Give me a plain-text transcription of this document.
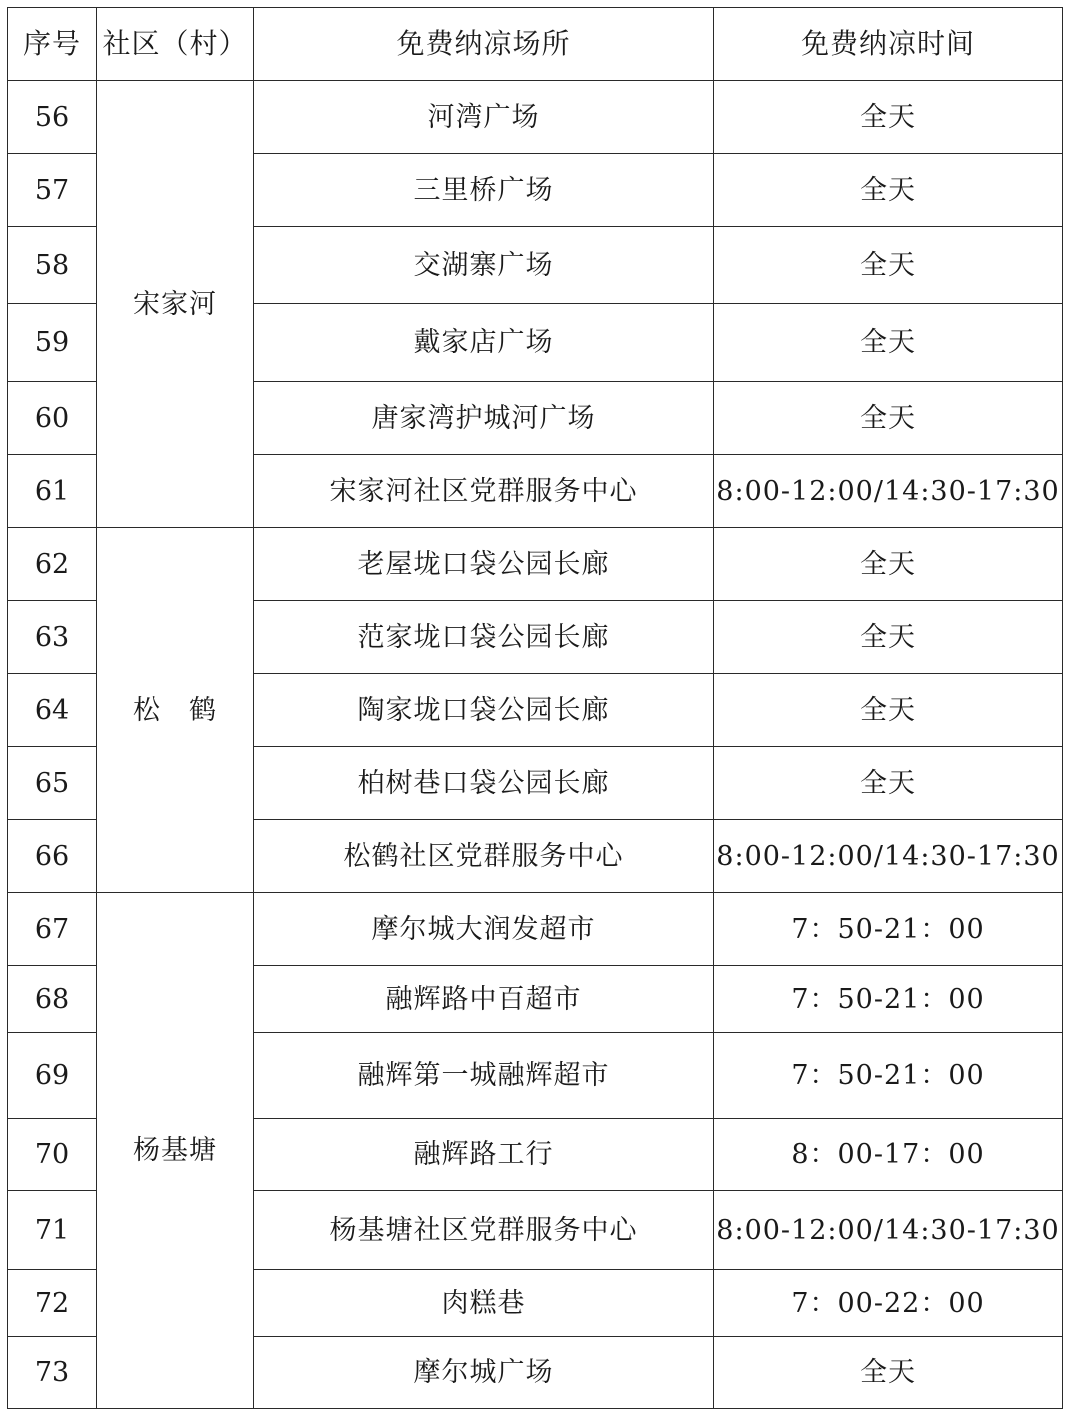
序号	社区（村）	免费纳凉场所	免费纳凉时间
56	宋家河	河湾广场	全天
57		三里桥广场	全天
58		交湖寨广场	全天
59		戴家店广场	全天
60		唐家湾护城河广场	全天
61		宋家河社区党群服务中心	8:00-12:00/14:30-17:30
62	松　鹤	老屋垅口袋公园长廊	全天
63		范家垅口袋公园长廊	全天
64		陶家垅口袋公园长廊	全天
65		柏树巷口袋公园长廊	全天
66		松鹤社区党群服务中心	8:00-12:00/14:30-17:30
67	杨基塘	摩尔城大润发超市	7：50-21：00
68		融辉路中百超市	7：50-21：00
69		融辉第一城融辉超市	7：50-21：00
70		融辉路工行	8：00-17：00
71		杨基塘社区党群服务中心	8:00-12:00/14:30-17:30
72		肉糕巷	7：00-22：00
73		摩尔城广场	全天
